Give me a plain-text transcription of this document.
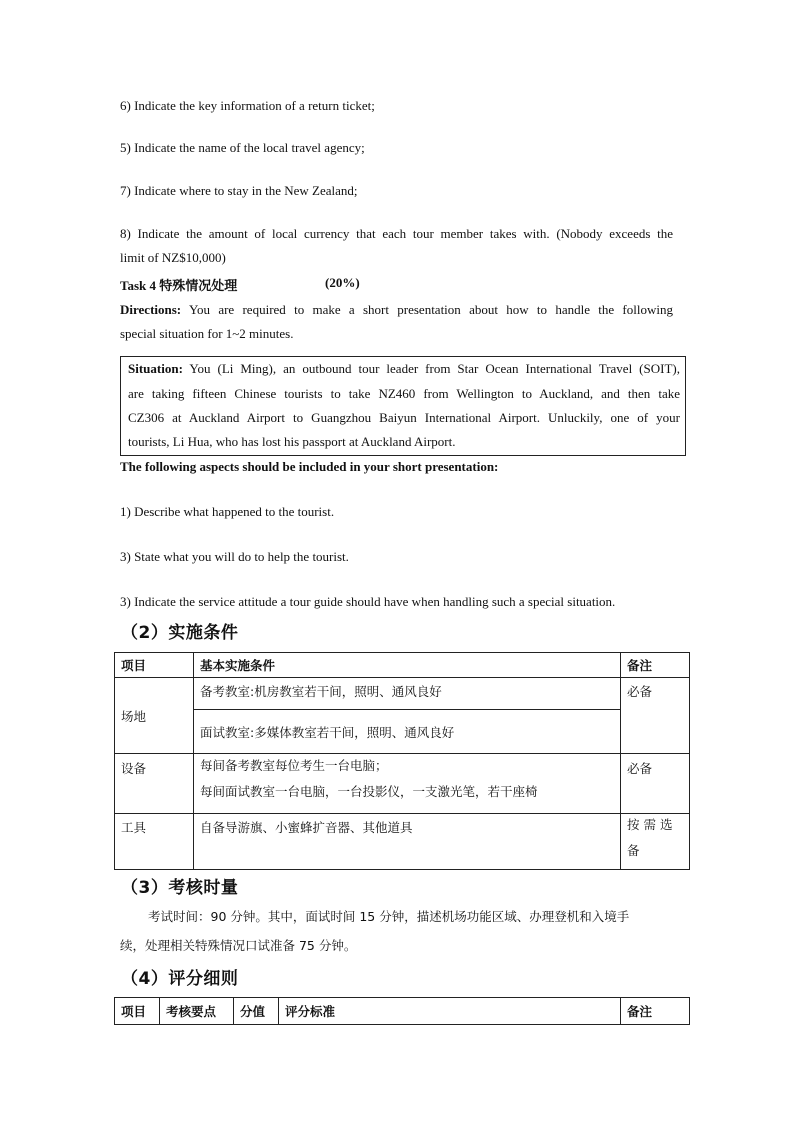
6) Indicate the key information of a return ticket;
5) Indicate the name of the local travel agency;
7) Indicate where to stay in the New Zealand;
8) Indicate the amount of local currency that each tour member takes with. (Nobody exceeds the
limit of NZ$10,000)
Task 4 特殊情况处理	(20%)
Directions: You are required to make a short presentation about how to handle the following
special situation for 1~2 minutes.
Situation: You (Li Ming), an outbound tour leader from Star Ocean International Travel (SOIT),
are taking fifteen Chinese tourists to take NZ460 from Wellington to Auckland, and then take
CZ306 at Auckland Airport to Guangzhou Baiyun International Airport. Unluckily, one of your
tourists, Li Hua, who has lost his passport at Auckland Airport.
The following aspects should be included in your short presentation:
1) Describe what happened to the tourist.
3) State what you will do to help the tourist.
3) Indicate the service attitude a tour guide should have when handling such a special situation.
（2）实施条件
项目	基本实施条件	备注
场地	备考教室:机房教室若干间，照明、通风良好	必备
	面试教室:多媒体教室若干间，照明、通风良好	
设备	每间备考教室每位考生一台电脑；
每间面试教室一台电脑，一台投影仪，一支激光笔，若干座椅	必备
工具	自备导游旗、小蜜蜂扩音器、其他道具	按 需 选
备
（3）考核时量
考试时间：90 分钟。其中，面试时间 15 分钟，描述机场功能区域、办理登机和入境手
续，处理相关特殊情况口试准备 75 分钟。
（4）评分细则
项目	考核要点	分值	评分标准	备注
